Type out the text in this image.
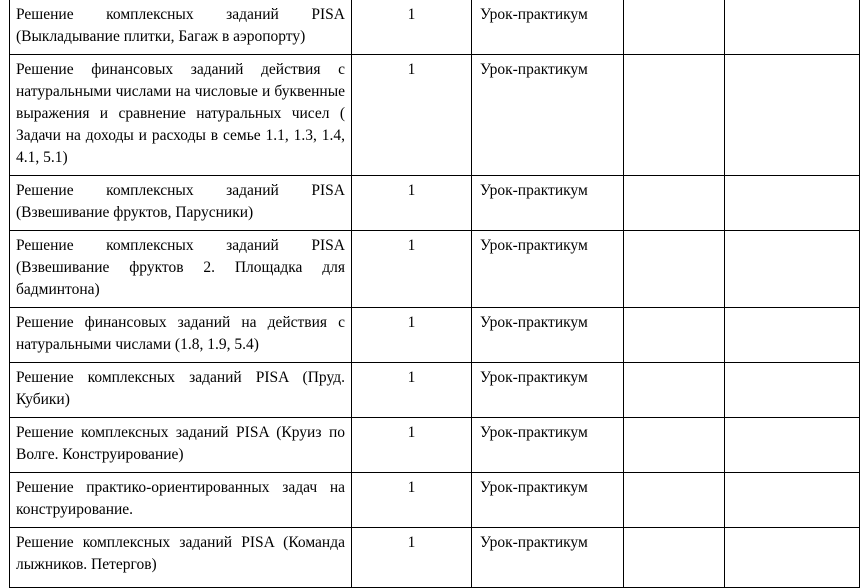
Решение комплексных заданий PISA (Выкладывание плитки, Багаж в аэропорту)	1	Урок-практикум		
Решение финансовых заданий действия с натуральными числами на числовые и буквенные выражения и сравнение натуральных чисел ( Задачи на доходы и расходы в семье 1.1, 1.3, 1.4, 4.1, 5.1)	1	Урок-практикум		
Решение комплексных заданий PISA (Взвешивание фруктов, Парусники)	1	Урок-практикум		
Решение комплексных заданий PISA (Взвешивание фруктов 2. Площадка для бадминтона)	1	Урок-практикум		
Решение финансовых заданий на действия с натуральными числами (1.8, 1.9, 5.4)	1	Урок-практикум		
Решение комплексных заданий PISA (Пруд. Кубики)	1	Урок-практикум		
Решение комплексных заданий PISA (Круиз по Волге. Конструирование)	1	Урок-практикум		
Решение практико-ориентированных задач на конструирование.	1	Урок-практикум		
Решение комплексных заданий PISA (Команда лыжников. Петергов)	1	Урок-практикум		
